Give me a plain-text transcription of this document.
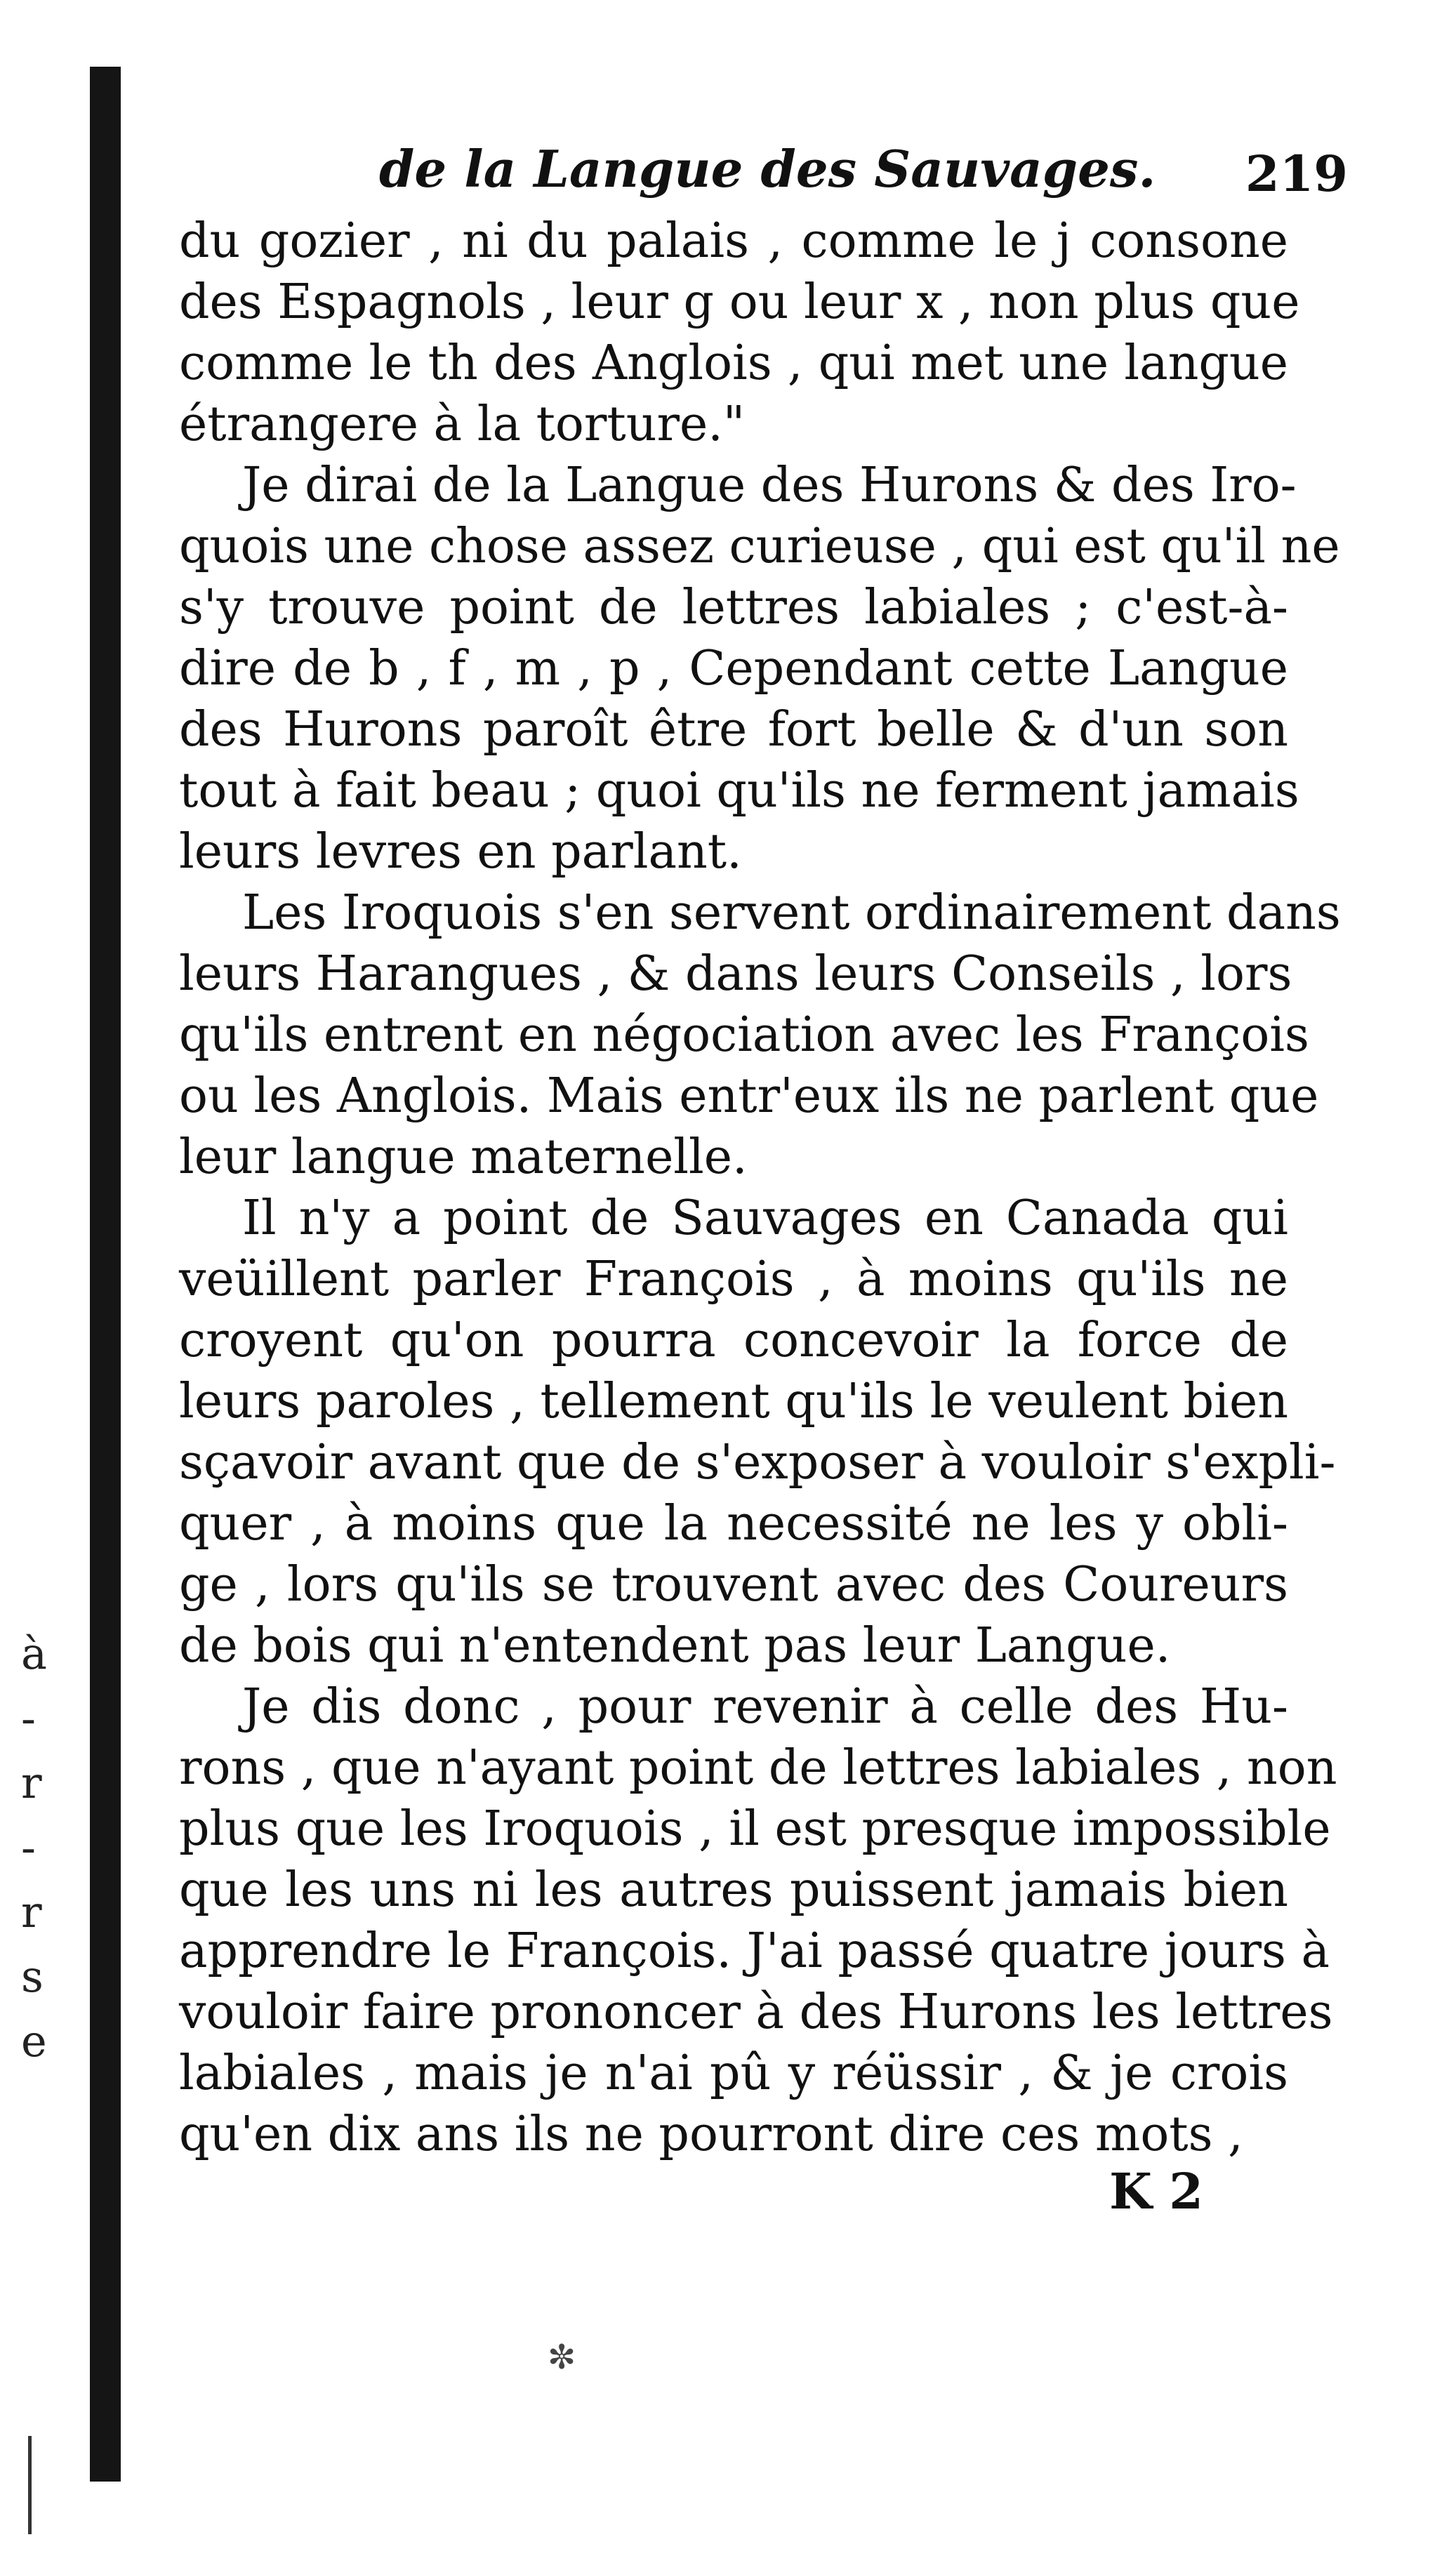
à
-
r
-
r
s
e
de la Langue des Sauvages. 219
du gozier , ni du palais , comme le j consone
des Espagnols , leur g ou leur x , non plus que
comme le th des Anglois , qui met une langue
étrangere à la torture."
Je dirai de la Langue des Hurons & des Iro-
quois une chose assez curieuse , qui est qu'il ne
s'y trouve point de lettres labiales ; c'est-à-
dire de b , f , m , p , Cependant cette Langue
des Hurons paroît être fort belle & d'un son
tout à fait beau ; quoi qu'ils ne ferment jamais
leurs levres en parlant.
Les Iroquois s'en servent ordinairement dans
leurs Harangues , & dans leurs Conseils , lors
qu'ils entrent en négociation avec les François
ou les Anglois. Mais entr'eux ils ne parlent que
leur langue maternelle.
Il n'y a point de Sauvages en Canada qui
veüillent parler François , à moins qu'ils ne
croyent qu'on pourra concevoir la force de
leurs paroles , tellement qu'ils le veulent bien
sçavoir avant que de s'exposer à vouloir s'expli-
quer , à moins que la necessité ne les y obli-
ge , lors qu'ils se trouvent avec des Coureurs
de bois qui n'entendent pas leur Langue.
Je dis donc , pour revenir à celle des Hu-
rons , que n'ayant point de lettres labiales , non
plus que les Iroquois , il est presque impossible
que les uns ni les autres puissent jamais bien
apprendre le François. J'ai passé quatre jours à
vouloir faire prononcer à des Hurons les lettres
labiales , mais je n'ai pû y réüssir , & je crois
qu'en dix ans ils ne pourront dire ces mots ,
K 2
✼
